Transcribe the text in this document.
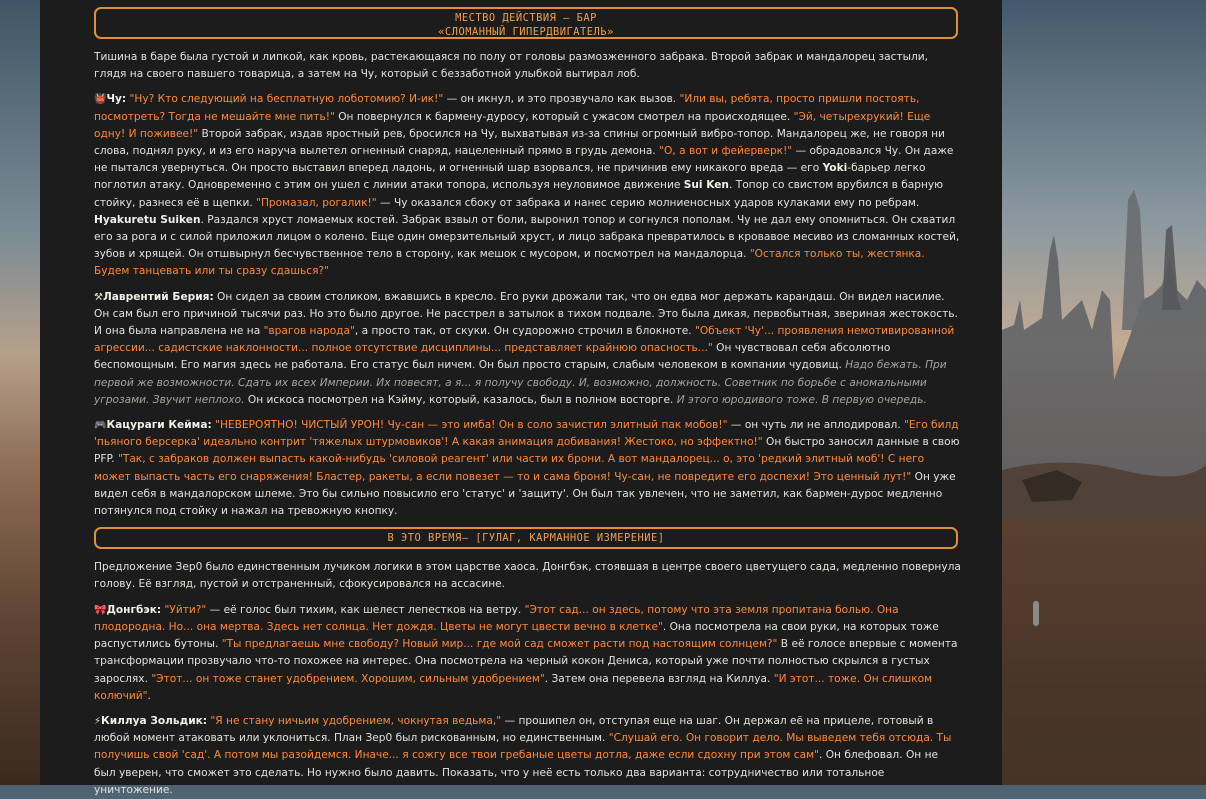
МЕСТВО ДЕЙСТВИЯ – БАР
«СЛОМАННЫЙ ГИПЕРДВИГАТЕЛЬ»

Тишина в баре была густой и липкой, как кровь, растекающаяся по полу от головы размозженного забрака. Второй забрак и мандалорец застыли, глядя на своего павшего товарица, а затем на Чу, который с беззаботной улыбкой вытирал лоб.

👹Чу: "Ну? Кто следующий на бесплатную лоботомию? И-ик!" — он икнул, и это прозвучало как вызов. "Или вы, ребята, просто пришли постоять, посмотреть? Тогда не мешайте мне пить!" Он повернулся к бармену-дуросу, который с ужасом смотрел на происходящее. "Эй, четырехрукий! Еще одну! И поживее!" Второй забрак, издав яростный рев, бросился на Чу, выхватывая из-за спины огромный вибро-топор. Мандалорец же, не говоря ни слова, поднял руку, и из его наруча вылетел огненный снаряд, нацеленный прямо в грудь демона. "О, а вот и фейерверк!" — обрадовался Чу. Он даже не пытался увернуться. Он просто выставил вперед ладонь, и огненный шар взорвался, не причинив ему никакого вреда — его Yoki-барьер легко поглотил атаку. Одновременно с этим он ушел с линии атаки топора, используя неуловимое движение Sui Ken. Топор со свистом врубился в барную стойку, разнеся её в щепки. "Промазал, рогалик!" — Чу оказался сбоку от забрака и нанес серию молниеносных ударов кулаками ему по ребрам. Hyakuretu Suiken. Раздался хруст ломаемых костей. Забрак взвыл от боли, выронил топор и согнулся пополам. Чу не дал ему опомниться. Он схватил его за рога и с силой приложил лицом о колено. Еще один омерзительный хруст, и лицо забрака превратилось в кровавое месиво из сломанных костей, зубов и хрящей. Он отшвырнул бесчувственное тело в сторону, как мешок с мусором, и посмотрел на мандалорца. "Остался только ты, жестянка. Будем танцевать или ты сразу сдашься?"

⚒Лаврентий Берия: Он сидел за своим столиком, вжавшись в кресло. Его руки дрожали так, что он едва мог держать карандаш. Он видел насилие. Он сам был его причиной тысячи раз. Но это было другое. Не расстрел в затылок в тихом подвале. Это была дикая, первобытная, звериная жестокость. И она была направлена не на "врагов народа", а просто так, от скуки. Он судорожно строчил в блокноте. "Объект 'Чу'... проявления немотивированной агрессии... садистские наклонности... полное отсутствие дисциплины... представляет крайнюю опасность..." Он чувствовал себя абсолютно беспомощным. Его магия здесь не работала. Его статус был ничем. Он был просто старым, слабым человеком в компании чудовищ. Надо бежать. При первой же возможности. Сдать их всех Империи. Их повесят, а я... я получу свободу. И, возможно, должность. Советник по борьбе с аномальными угрозами. Звучит неплохо. Он искоса посмотрел на Кэйму, который, казалось, был в полном восторге. И этого юродивого тоже. В первую очередь.

🎮Кацураги Кейма: "НЕВЕРОЯТНО! ЧИСТЫЙ УРОН! Чу-сан — это имба! Он в соло зачистил элитный пак мобов!" — он чуть ли не аплодировал. "Его билд 'пьяного берсерка' идеально контрит 'тяжелых штурмовиков'! А какая анимация добивания! Жестоко, но эффектно!" Он быстро заносил данные в свою PFP. "Так, с забраков должен выпасть какой-нибудь 'силовой реагент' или части их брони. А вот мандалорец... о, это 'редкий элитный моб'! С него может выпасть часть его снаряжения! Бластер, ракеты, а если повезет — то и сама броня! Чу-сан, не повредите его доспехи! Это ценный лут!" Он уже видел себя в мандалорском шлеме. Это бы сильно повысило его 'статус' и 'защиту'. Он был так увлечен, что не заметил, как бармен-дурос медленно потянулся под стойку и нажал на тревожную кнопку.

В ЭТО ВРЕМЯ– [ГУЛАГ, КАРМАННОЕ ИЗМЕРЕНИЕ]

Предложение Зер0 было единственным лучиком логики в этом царстве хаоса. Донгбэк, стоявшая в центре своего цветущего сада, медленно повернула голову. Её взгляд, пустой и отстраненный, сфокусировался на ассасине.

🎀Донгбэк: "Уйти?" — её голос был тихим, как шелест лепестков на ветру. "Этот сад... он здесь, потому что эта земля пропитана болью. Она плодородна. Но... она мертва. Здесь нет солнца. Нет дождя. Цветы не могут цвести вечно в клетке". Она посмотрела на свои руки, на которых тоже распустились бутоны. "Ты предлагаешь мне свободу? Новый мир... где мой сад сможет расти под настоящим солнцем?" В её голосе впервые с момента трансформации прозвучало что-то похожее на интерес. Она посмотрела на черный кокон Дениса, который уже почти полностью скрылся в густых зарослях. "Этот... он тоже станет удобрением. Хорошим, сильным удобрением". Затем она перевела взгляд на Киллуа. "И этот... тоже. Он слишком колючий".

⚡Киллуа Зольдик: "Я не стану ничьим удобрением, чокнутая ведьма," — прошипел он, отступая еще на шаг. Он держал её на прицеле, готовый в любой момент атаковать или уклониться. План Зер0 был рискованным, но единственным. "Слушай его. Он говорит дело. Мы выведем тебя отсюда. Ты получишь свой 'сад'. А потом мы разойдемся. Иначе... я сожгу все твои гребаные цветы дотла, даже если сдохну при этом сам". Он блефовал. Он не был уверен, что сможет это сделать. Но нужно было давить. Показать, что у неё есть только два варианта: сотрудничество или тотальное уничтожение.
